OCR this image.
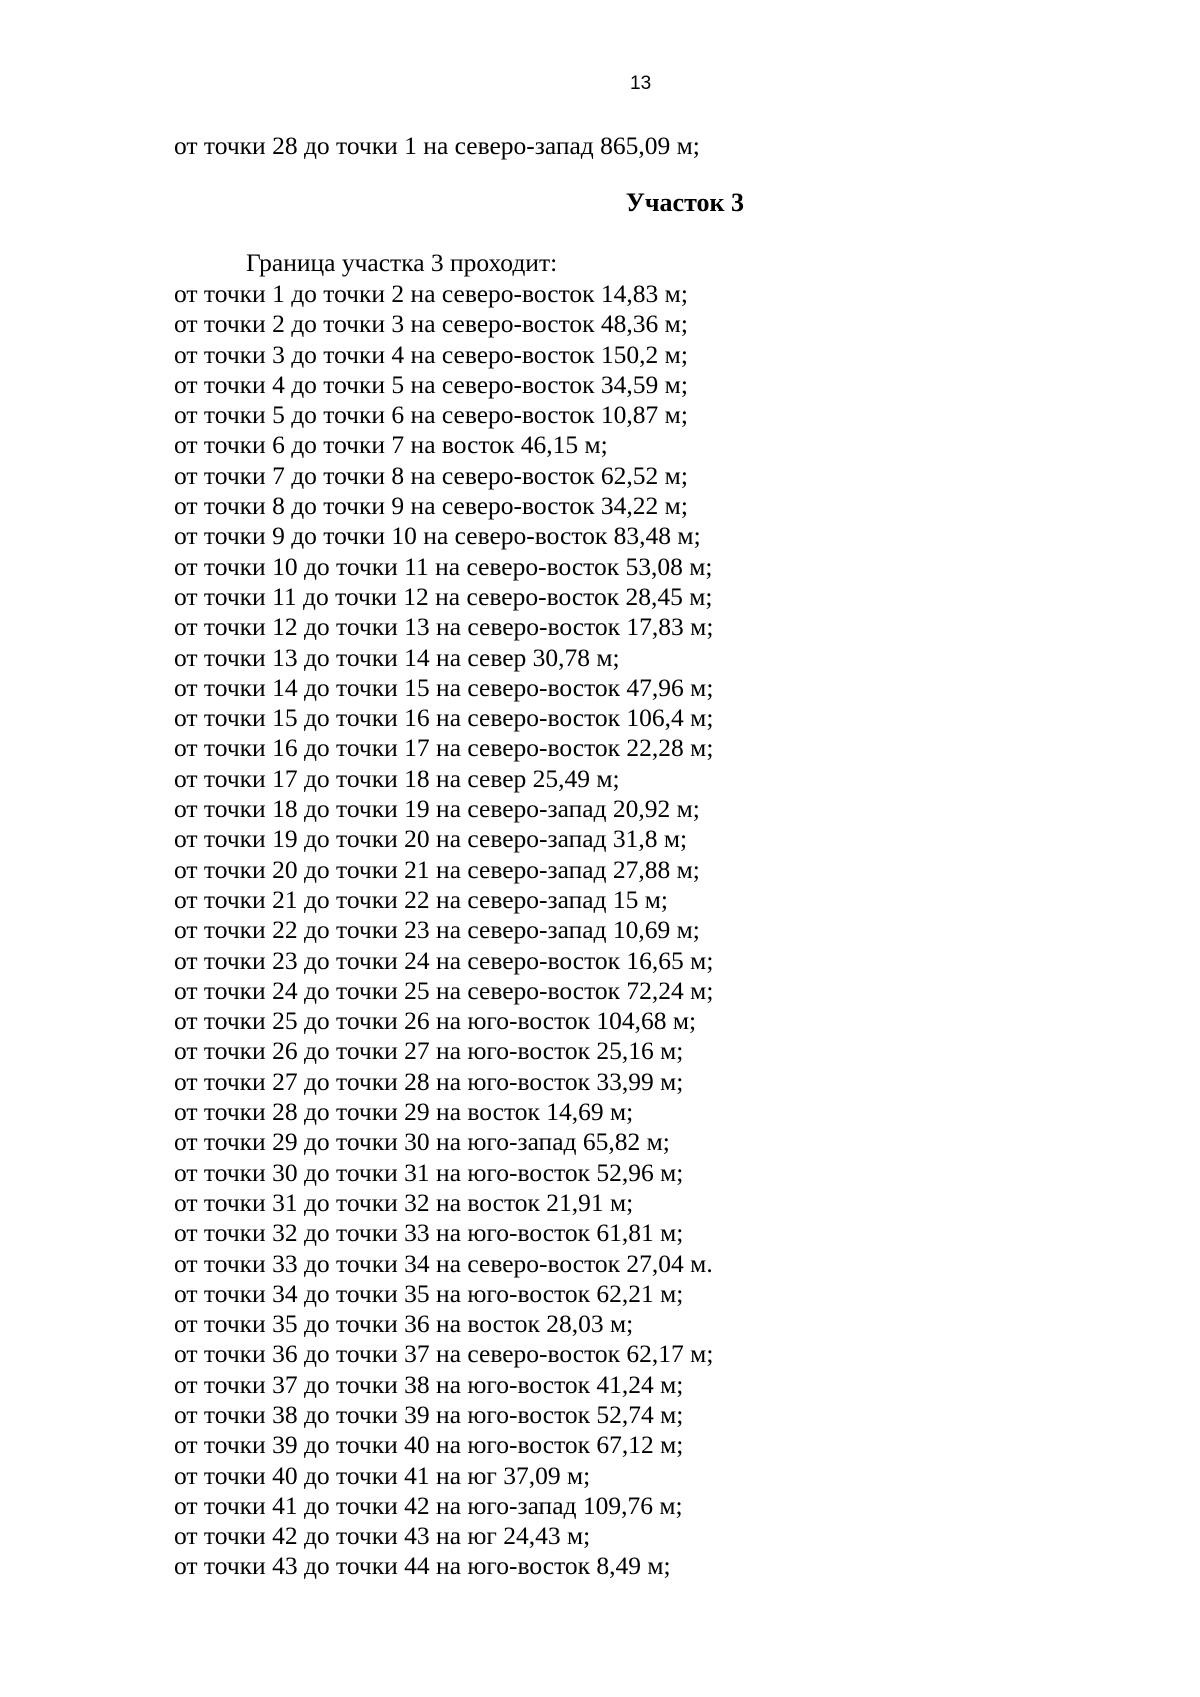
13
от точки 28 до точки 1 на северо-запад 865,09 м;
Участок 3
Граница участка 3 проходит:
от точки 1 до точки 2 на северо-восток 14,83 м;
от точки 2 до точки 3 на северо-восток 48,36 м;
от точки 3 до точки 4 на северо-восток 150,2 м;
от точки 4 до точки 5 на северо-восток 34,59 м;
от точки 5 до точки 6 на северо-восток 10,87 м;
от точки 6 до точки 7 на восток 46,15 м;
от точки 7 до точки 8 на северо-восток 62,52 м;
от точки 8 до точки 9 на северо-восток 34,22 м;
от точки 9 до точки 10 на северо-восток 83,48 м;
от точки 10 до точки 11 на северо-восток 53,08 м;
от точки 11 до точки 12 на северо-восток 28,45 м;
от точки 12 до точки 13 на северо-восток 17,83 м;
от точки 13 до точки 14 на север 30,78 м;
от точки 14 до точки 15 на северо-восток 47,96 м;
от точки 15 до точки 16 на северо-восток 106,4 м;
от точки 16 до точки 17 на северо-восток 22,28 м;
от точки 17 до точки 18 на север 25,49 м;
от точки 18 до точки 19 на северо-запад 20,92 м;
от точки 19 до точки 20 на северо-запад 31,8 м;
от точки 20 до точки 21 на северо-запад 27,88 м;
от точки 21 до точки 22 на северо-запад 15 м;
от точки 22 до точки 23 на северо-запад 10,69 м;
от точки 23 до точки 24 на северо-восток 16,65 м;
от точки 24 до точки 25 на северо-восток 72,24 м;
от точки 25 до точки 26 на юго-восток 104,68 м;
от точки 26 до точки 27 на юго-восток 25,16 м;
от точки 27 до точки 28 на юго-восток 33,99 м;
от точки 28 до точки 29 на восток 14,69 м;
от точки 29 до точки 30 на юго-запад 65,82 м;
от точки 30 до точки 31 на юго-восток 52,96 м;
от точки 31 до точки 32 на восток 21,91 м;
от точки 32 до точки 33 на юго-восток 61,81 м;
от точки 33 до точки 34 на северо-восток 27,04 м.
от точки 34 до точки 35 на юго-восток 62,21 м;
от точки 35 до точки 36 на восток 28,03 м;
от точки 36 до точки 37 на северо-восток 62,17 м;
от точки 37 до точки 38 на юго-восток 41,24 м;
от точки 38 до точки 39 на юго-восток 52,74 м;
от точки 39 до точки 40 на юго-восток 67,12 м;
от точки 40 до точки 41 на юг 37,09 м;
от точки 41 до точки 42 на юго-запад 109,76 м;
от точки 42 до точки 43 на юг 24,43 м;
от точки 43 до точки 44 на юго-восток 8,49 м;
